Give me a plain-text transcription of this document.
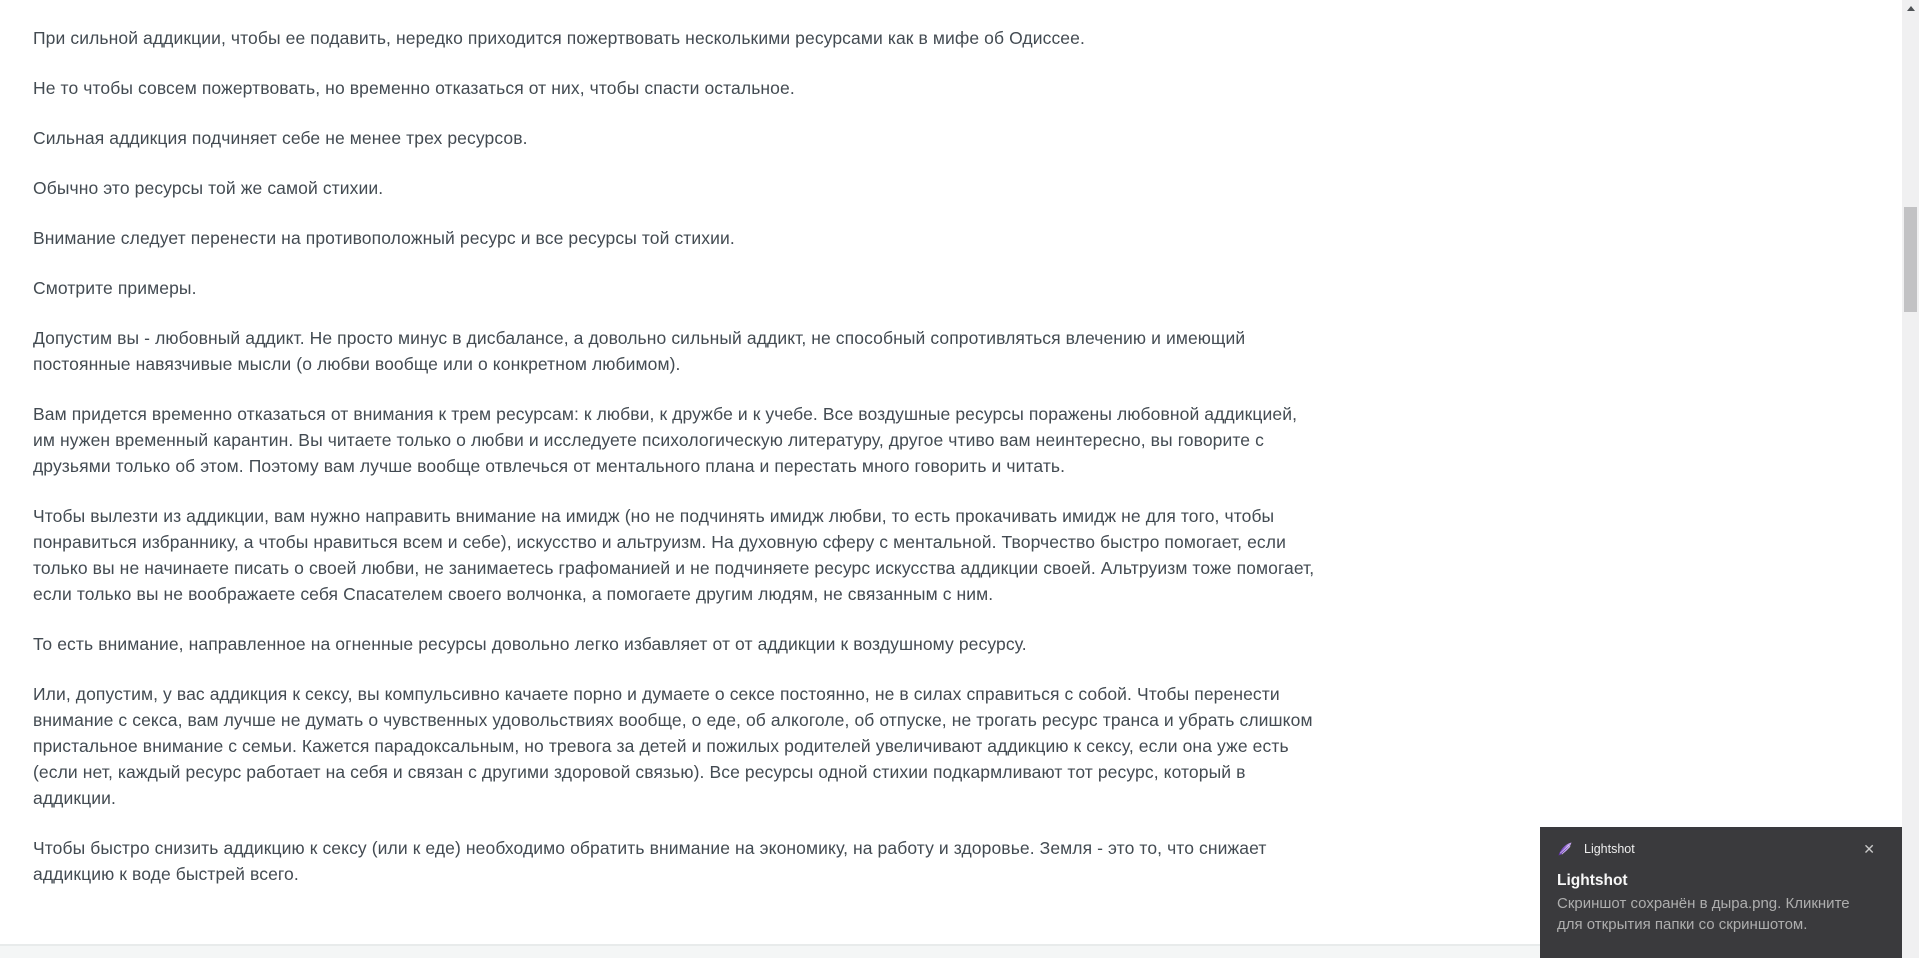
При сильной аддикции, чтобы ее подавить, нередко приходится пожертвовать несколькими ресурсами как в мифе об Одиссее.

Не то чтобы совсем пожертвовать, но временно отказаться от них, чтобы спасти остальное.

Сильная аддикция подчиняет себе не менее трех ресурсов.

Обычно это ресурсы той же самой стихии.

Внимание следует перенести на противоположный ресурс и все ресурсы той стихии.

Смотрите примеры.

Допустим вы - любовный аддикт. Не просто минус в дисбалансе, а довольно сильный аддикт, не способный сопротивляться влечению и имеющий постоянные навязчивые мысли (о любви вообще или о конкретном любимом).

Вам придется временно отказаться от внимания к трем ресурсам: к любви, к дружбе и к учебе. Все воздушные ресурсы поражены любовной аддикцией, им нужен временный карантин. Вы читаете только о любви и исследуете психологическую литературу, другое чтиво вам неинтересно, вы говорите с друзьями только об этом. Поэтому вам лучше вообще отвлечься от ментального плана и перестать много говорить и читать.

Чтобы вылезти из аддикции, вам нужно направить внимание на имидж (но не подчинять имидж любви, то есть прокачивать имидж не для того, чтобы понравиться избраннику, а чтобы нравиться всем и себе), искусство и альтруизм. На духовную сферу с ментальной. Творчество быстро помогает, если только вы не начинаете писать о своей любви, не занимаетесь графоманией и не подчиняете ресурс искусства аддикции своей. Альтруизм тоже помогает, если только вы не воображаете себя Спасателем своего волчонка, а помогаете другим людям, не связанным с ним.

То есть внимание, направленное на огненные ресурсы довольно легко избавляет от от аддикции к воздушному ресурсу.

Или, допустим, у вас аддикция к сексу, вы компульсивно качаете порно и думаете о сексе постоянно, не в силах справиться с собой. Чтобы перенести внимание с секса, вам лучше не думать о чувственных удовольствиях вообще, о еде, об алкоголе, об отпуске, не трогать ресурс транса и убрать слишком пристальное внимание с семьи. Кажется парадоксальным, но тревога за детей и пожилых родителей увеличивают аддикцию к сексу, если она уже есть (если нет, каждый ресурс работает на себя и связан с другими здоровой связью). Все ресурсы одной стихии подкармливают тот ресурс, который в аддикции.

Чтобы быстро снизить аддикцию к сексу (или к еде) необходимо обратить внимание на экономику, на работу и здоровье. Земля - это то, что снижает аддикцию к воде быстрей всего.

Lightshot	✕
Lightshot
Скриншот сохранён в дыра.png. Кликните для открытия папки со скриншотом.
